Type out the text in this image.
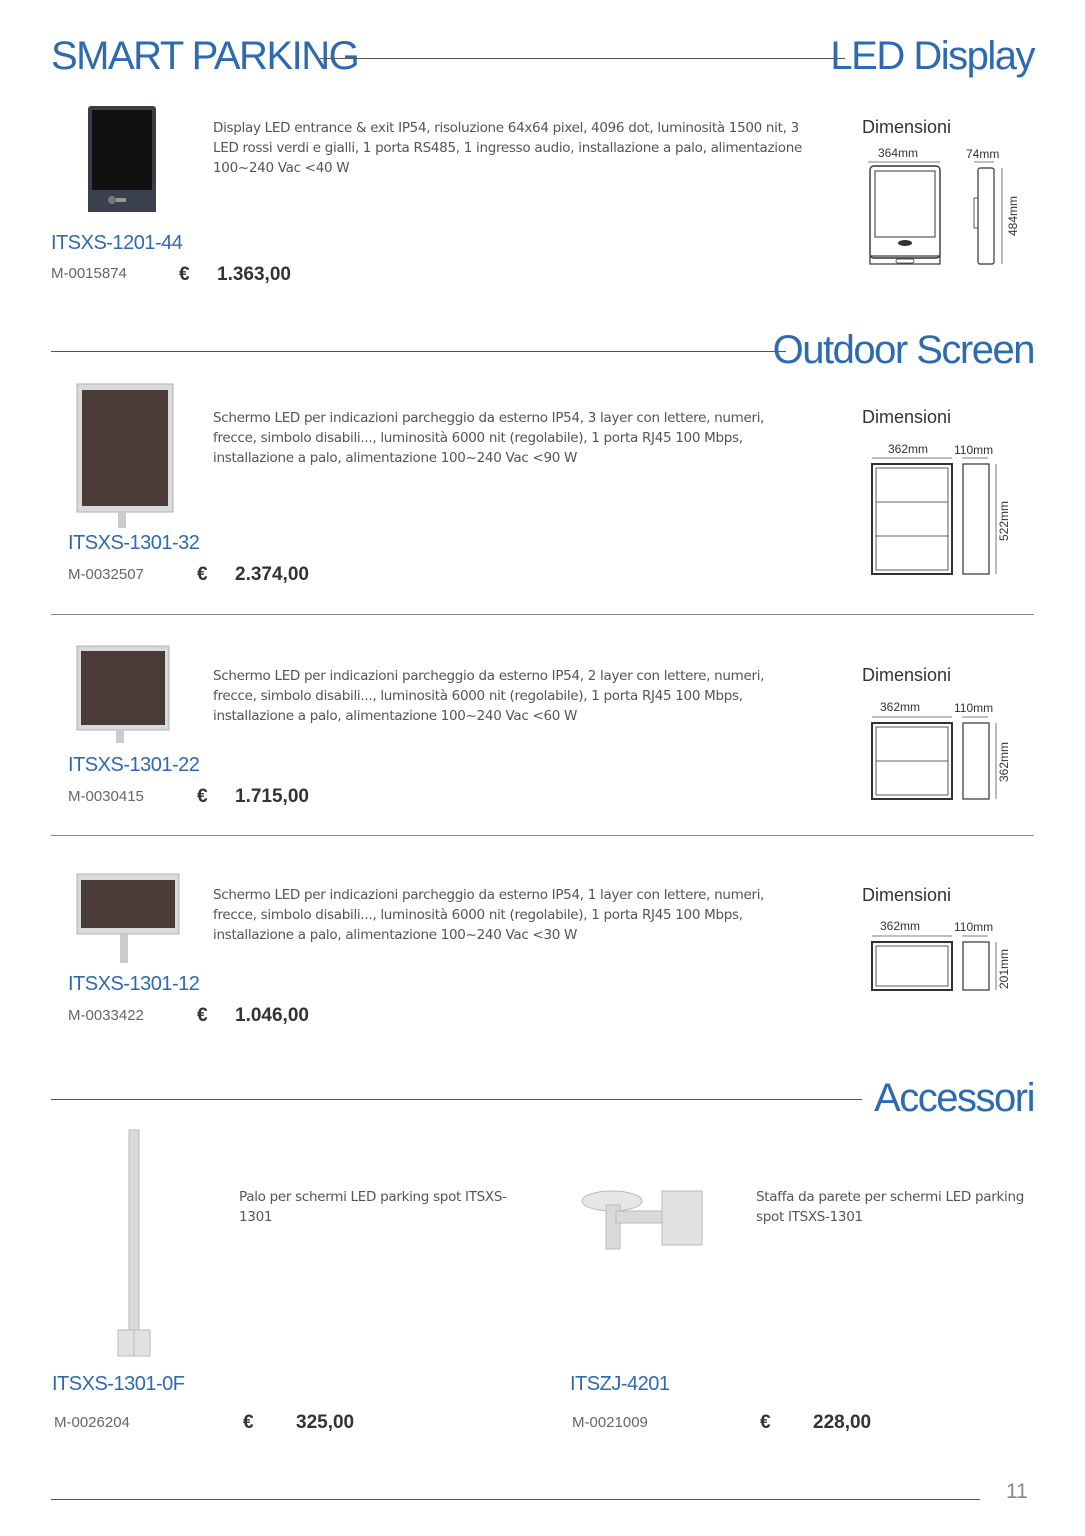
SMART PARKING	LED Display
Display LED entrance & exit IP54, risoluzione 64x64 pixel, 4096 dot, luminosità 1500 nit, 3 LED rossi verdi e gialli, 1 porta RS485, 1 ingresso audio, installazione a palo, alimentazione 100~240 Vac <40 W
ITSXS-1201-44
M-0015874	€ 1.363,00
Dimensioni
364mm	74mm
484mm
Outdoor Screen
Schermo LED per indicazioni parcheggio da esterno IP54, 3 layer con lettere, numeri, frecce, simbolo disabili..., luminosità 6000 nit (regolabile), 1 porta RJ45 100 Mbps, installazione a palo, alimentazione 100~240 Vac <90 W
ITSXS-1301-32
M-0032507	€ 2.374,00
Dimensioni
362mm 110mm
522mm
Schermo LED per indicazioni parcheggio da esterno IP54, 2 layer con lettere, numeri, frecce, simbolo disabili..., luminosità 6000 nit (regolabile), 1 porta RJ45 100 Mbps, installazione a palo, alimentazione 100~240 Vac <60 W
ITSXS-1301-22
M-0030415	€ 1.715,00
Dimensioni
362mm	110mm
362mm
Schermo LED per indicazioni parcheggio da esterno IP54, 1 layer con lettere, numeri, frecce, simbolo disabili..., luminosità 6000 nit (regolabile), 1 porta RJ45 100 Mbps, installazione a palo, alimentazione 100~240 Vac <30 W
ITSXS-1301-12
M-0033422	€ 1.046,00
Dimensioni
362mm	110mm
201mm
Accessori
Palo per schermi LED parking spot ITSXS-1301
ITSXS-1301-0F
M-0026204	€ 325,00
Staffa da parete per schermi LED parking spot ITSXS-1301
ITSZJ-4201
M-0021009	€ 228,00
11
